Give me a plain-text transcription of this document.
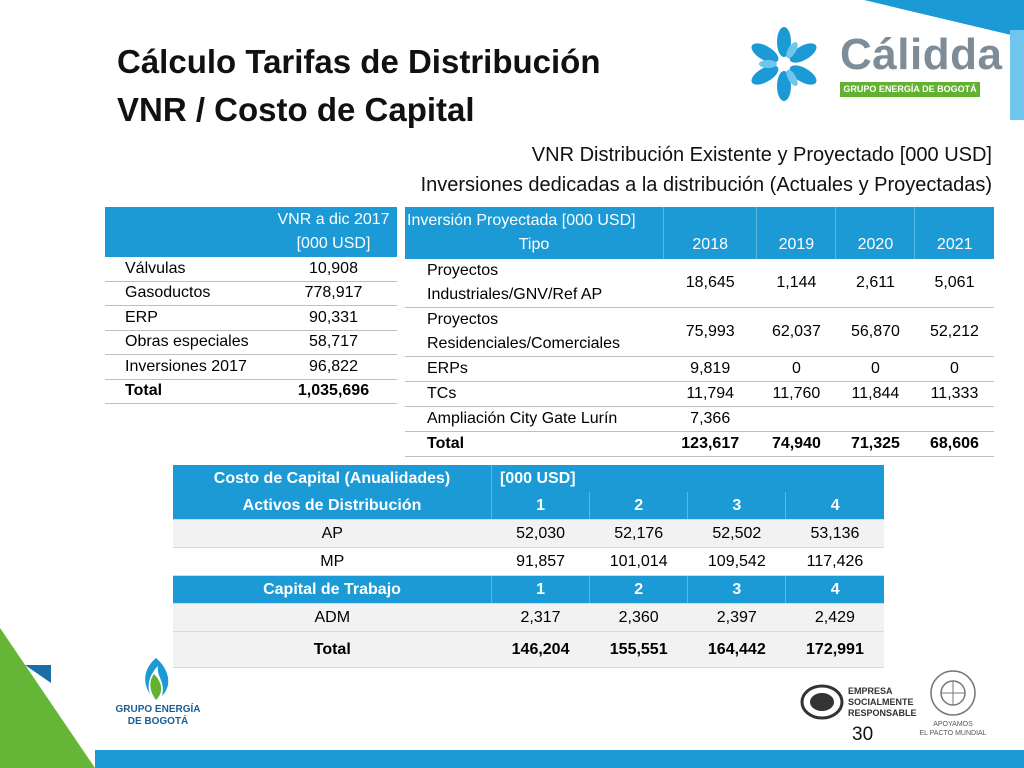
Cálculo Tarifas de Distribución
VNR / Costo de Capital
Cálidda
GRUPO ENERGÍA DE BOGOTÁ
VNR Distribución Existente y Proyectado [000 USD]
Inversiones dedicadas a la distribución (Actuales y Proyectadas)

	VNR a dic 2017
[000 USD]

Válvulas	10,908
Gasoductos	778,917
ERP	90,331
Obras especiales	58,717
Inversiones 2017	96,822
Total	1,035,696
Inversión Proyectada [000 USD]
Tipo	2018	2019	2020	2021

Proyectos
Industriales/GNV/Ref AP	18,645	1,144	2,611	5,061

Proyectos
Residenciales/Comerciales	75,993	62,037	56,870	52,212
ERPs	9,819	0	0	0
TCs	11,794	11,760	11,844	11,333
Ampliación City Gate Lurín	7,366			
Total	123,617	74,940	71,325	68,606
Costo de Capital (Anualidades)	[000 USD]			
Activos de Distribución	1	2	3	4
AP	52,030	52,176	52,502	53,136
MP	91,857	101,014	109,542	117,426
Capital de Trabajo	1	2	3	4
ADM	2,317	2,360	2,397	2,429
Total	146,204	155,551	164,442	172,991
GRUPO ENERGÍA
DE BOGOTÁ
EMPRESA
SOCIALMENTE
RESPONSABLE
APOYAMOS
EL PACTO MUNDIAL
30
